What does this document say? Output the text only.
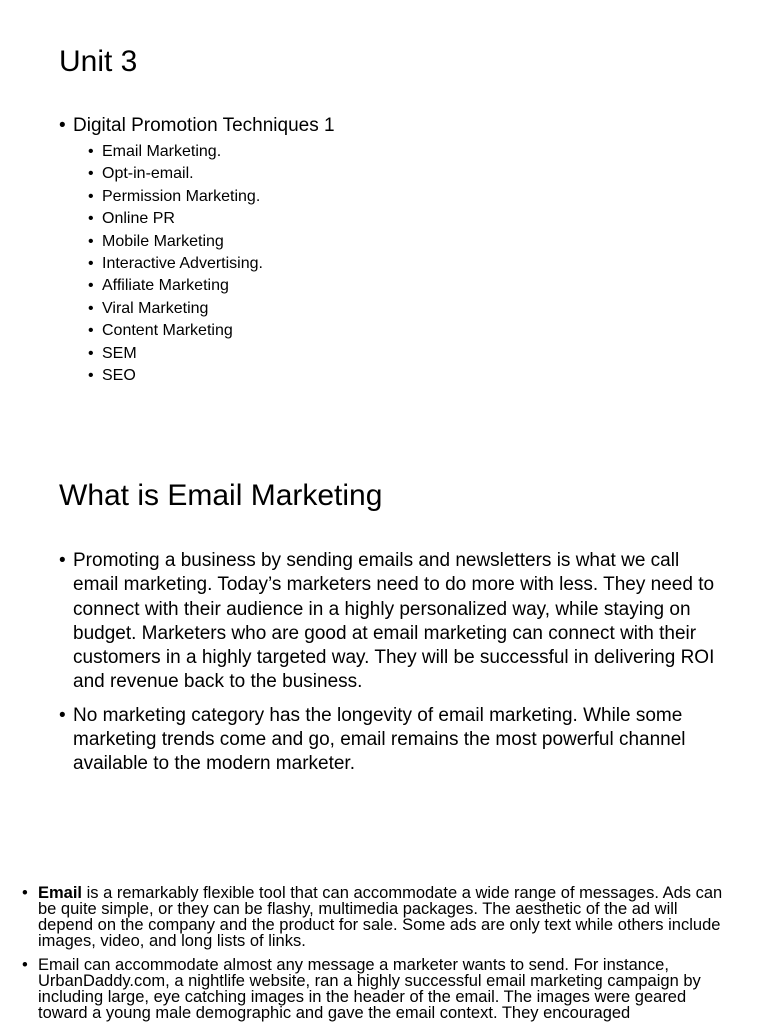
Unit 3

• Digital Promotion Techniques 1

• Email Marketing.
• Opt-in-email.
• Permission Marketing.
• Online PR
• Mobile Marketing
• Interactive Advertising.
• Affiliate Marketing
• Viral Marketing
• Content Marketing
• SEM
• SEO
What is Email Marketing
• Promoting a business by sending emails and newsletters is what we call email marketing. Today’s marketers need to do more with less. They need to connect with their audience in a highly personalized way, while staying on budget. Marketers who are good at email marketing can connect with their customers in a highly targeted way. They will be successful in delivering ROI and revenue back to the business.
• No marketing category has the longevity of email marketing. While some marketing trends come and go, email remains the most powerful channel available to the modern marketer.
• Email is a remarkably flexible tool that can accommodate a wide range of messages. Ads can be quite simple, or they can be flashy, multimedia packages. The aesthetic of the ad will depend on the company and the product for sale. Some ads are only text while others include images, video, and long lists of links.
• Email can accommodate almost any message a marketer wants to send. For instance, UrbanDaddy.com, a nightlife website, ran a highly successful email marketing campaign by including large, eye catching images in the header of the email. The images were geared toward a young male demographic and gave the email context. They encouraged
